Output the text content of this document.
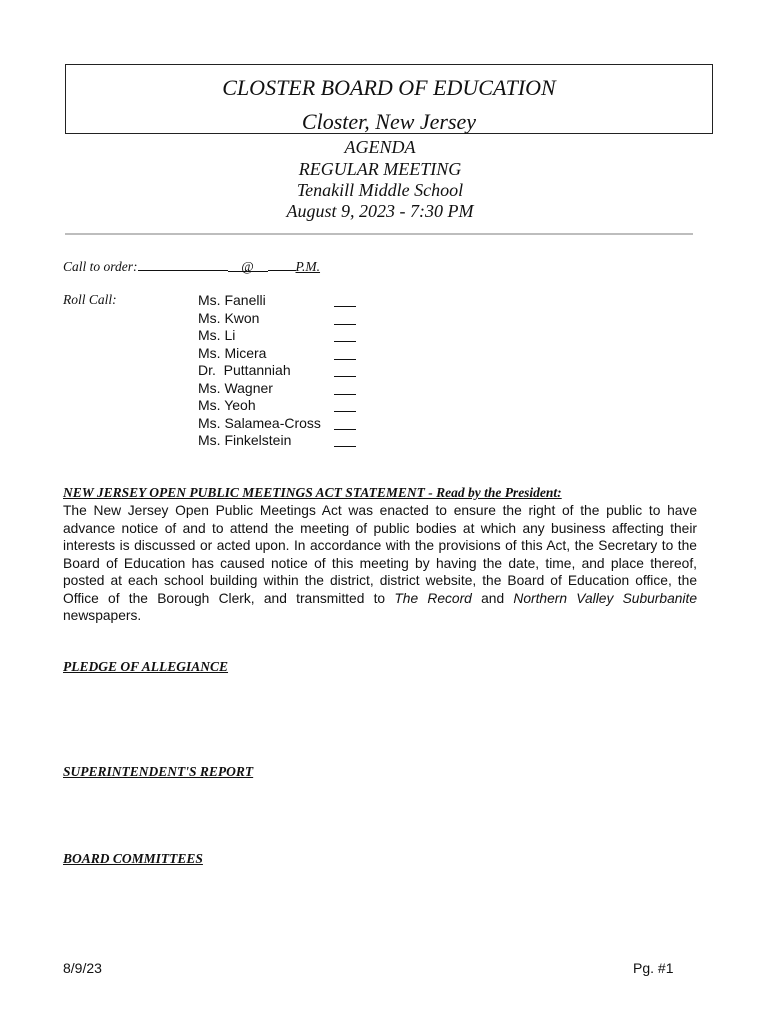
CLOSTER BOARD OF EDUCATION
Closter, New Jersey
AGENDA
REGULAR MEETING
Tenakill Middle School
August 9, 2023 - 7:30 PM
Call to order:	@	P.M.
Roll Call:	Ms. Fanelli
Ms. Kwon
Ms. Li
Ms. Micera
Dr.  Puttanniah
Ms. Wagner
Ms. Yeoh
Ms. Salamea-Cross
Ms. Finkelstein
NEW JERSEY OPEN PUBLIC MEETINGS ACT STATEMENT - Read by the President:
The New Jersey Open Public Meetings Act was enacted to ensure the right of the public to have advance notice of and to attend the meeting of public bodies at which any business affecting their interests is discussed or acted upon. In accordance with the provisions of this Act, the Secretary to the Board of Education has caused notice of this meeting by having the date, time, and place thereof, posted at each school building within the district, district website, the Board of Education office, the Office of the Borough Clerk, and transmitted to The Record and Northern Valley Suburbanite newspapers.
PLEDGE OF ALLEGIANCE
SUPERINTENDENT'S REPORT
BOARD COMMITTEES
8/9/23	Pg. #1
